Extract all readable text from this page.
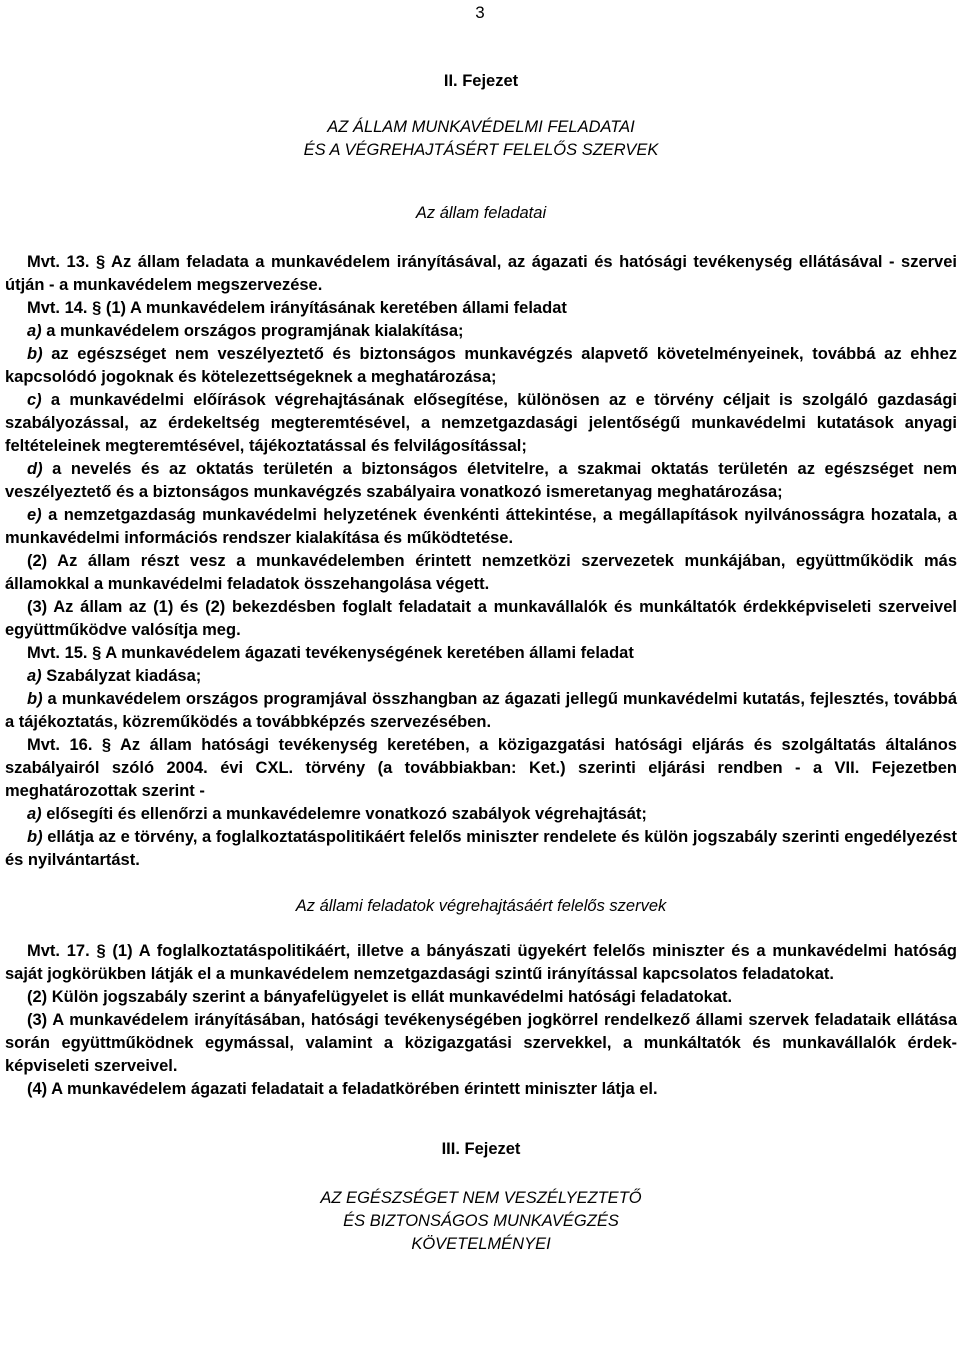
3

II. Fejezet

AZ ÁLLAM MUNKAVÉDELMI FELADATAI

ÉS A VÉGREHAJTÁSÉRT FELELŐS SZERVEK

Az állam feladatai

Mvt. 13. § Az állam feladata a munkavédelem irányításával, az ágazati és hatósági tevékenység ellátásával - szervei útján - a munkavédelem megszervezése.

Mvt. 14. § (1) A munkavédelem irányításának keretében állami feladat

a) a munkavédelem országos programjának kialakítása;

b) az egészséget nem veszélyeztető és biztonságos munkavégzés alapvető követelményeinek, továbbá az ehhez kapcsolódó jogoknak és kötelezettségeknek a meghatározása;

c) a munkavédelmi előírások végrehajtásának elősegítése, különösen az e törvény céljait is szolgáló gazdasági szabályozással, az érdekeltség megteremtésével, a nemzetgazdasági jelentőségű munkavédelmi kutatások anyagi feltételeinek megteremtésével, tájékoztatással és felvilágosítással;

d) a nevelés és az oktatás területén a biztonságos életvitelre, a szakmai oktatás területén az egészséget nem veszélyeztető és a biztonságos munkavégzés szabályaira vonatkozó ismeretanyag meghatározása;

e) a nemzetgazdaság munkavédelmi helyzetének évenkénti áttekintése, a megállapítások nyilvánosságra hozatala, a munkavédelmi információs rendszer kialakítása és működtetése.

(2) Az állam részt vesz a munkavédelemben érintett nemzetközi szervezetek munkájában, együttműködik más államokkal a munkavédelmi feladatok összehangolása végett.

(3) Az állam az (1) és (2) bekezdésben foglalt feladatait a munkavállalók és munkáltatók érdekképviseleti szerveivel együttműködve valósítja meg.

Mvt. 15. § A munkavédelem ágazati tevékenységének keretében állami feladat

a) Szabályzat kiadása;

b) a munkavédelem országos programjával összhangban az ágazati jellegű munkavédelmi kutatás, fejlesztés, továbbá a tájékoztatás, közreműködés a továbbképzés szervezésében.

Mvt. 16. § Az állam hatósági tevékenység keretében, a közigazgatási hatósági eljárás és szolgáltatás általános szabályairól szóló 2004. évi CXL. törvény (a továbbiakban: Ket.) szerinti eljárási rendben - a VII. Fejezetben meghatározottak szerint -

a) elősegíti és ellenőrzi a munkavédelemre vonatkozó szabályok végrehajtását;

b) ellátja az e törvény, a foglalkoztatáspolitikáért felelős miniszter rendelete és külön jogszabály szerinti engedélyezést és nyilvántartást.

Az állami feladatok végrehajtásáért felelős szervek

Mvt. 17. § (1) A foglalkoztatáspolitikáért, illetve a bányászati ügyekért felelős miniszter és a munkavédelmi hatóság saját jogkörükben látják el a munkavédelem nemzetgazdasági szintű irányítással kapcsolatos feladatokat.

(2) Külön jogszabály szerint a bányafelügyelet is ellát munkavédelmi hatósági feladatokat.

(3) A munkavédelem irányításában, hatósági tevékenységében jogkörrel rendelkező állami szervek feladataik ellátása során együttműködnek egymással, valamint a közigazgatási szervekkel, a munkáltatók és munkavállalók érdek-képviseleti szerveivel.

(4) A munkavédelem ágazati feladatait a feladatkörében érintett miniszter látja el.

III. Fejezet

AZ EGÉSZSÉGET NEM VESZÉLYEZTETŐ

ÉS BIZTONSÁGOS MUNKAVÉGZÉS

KÖVETELMÉNYEI
